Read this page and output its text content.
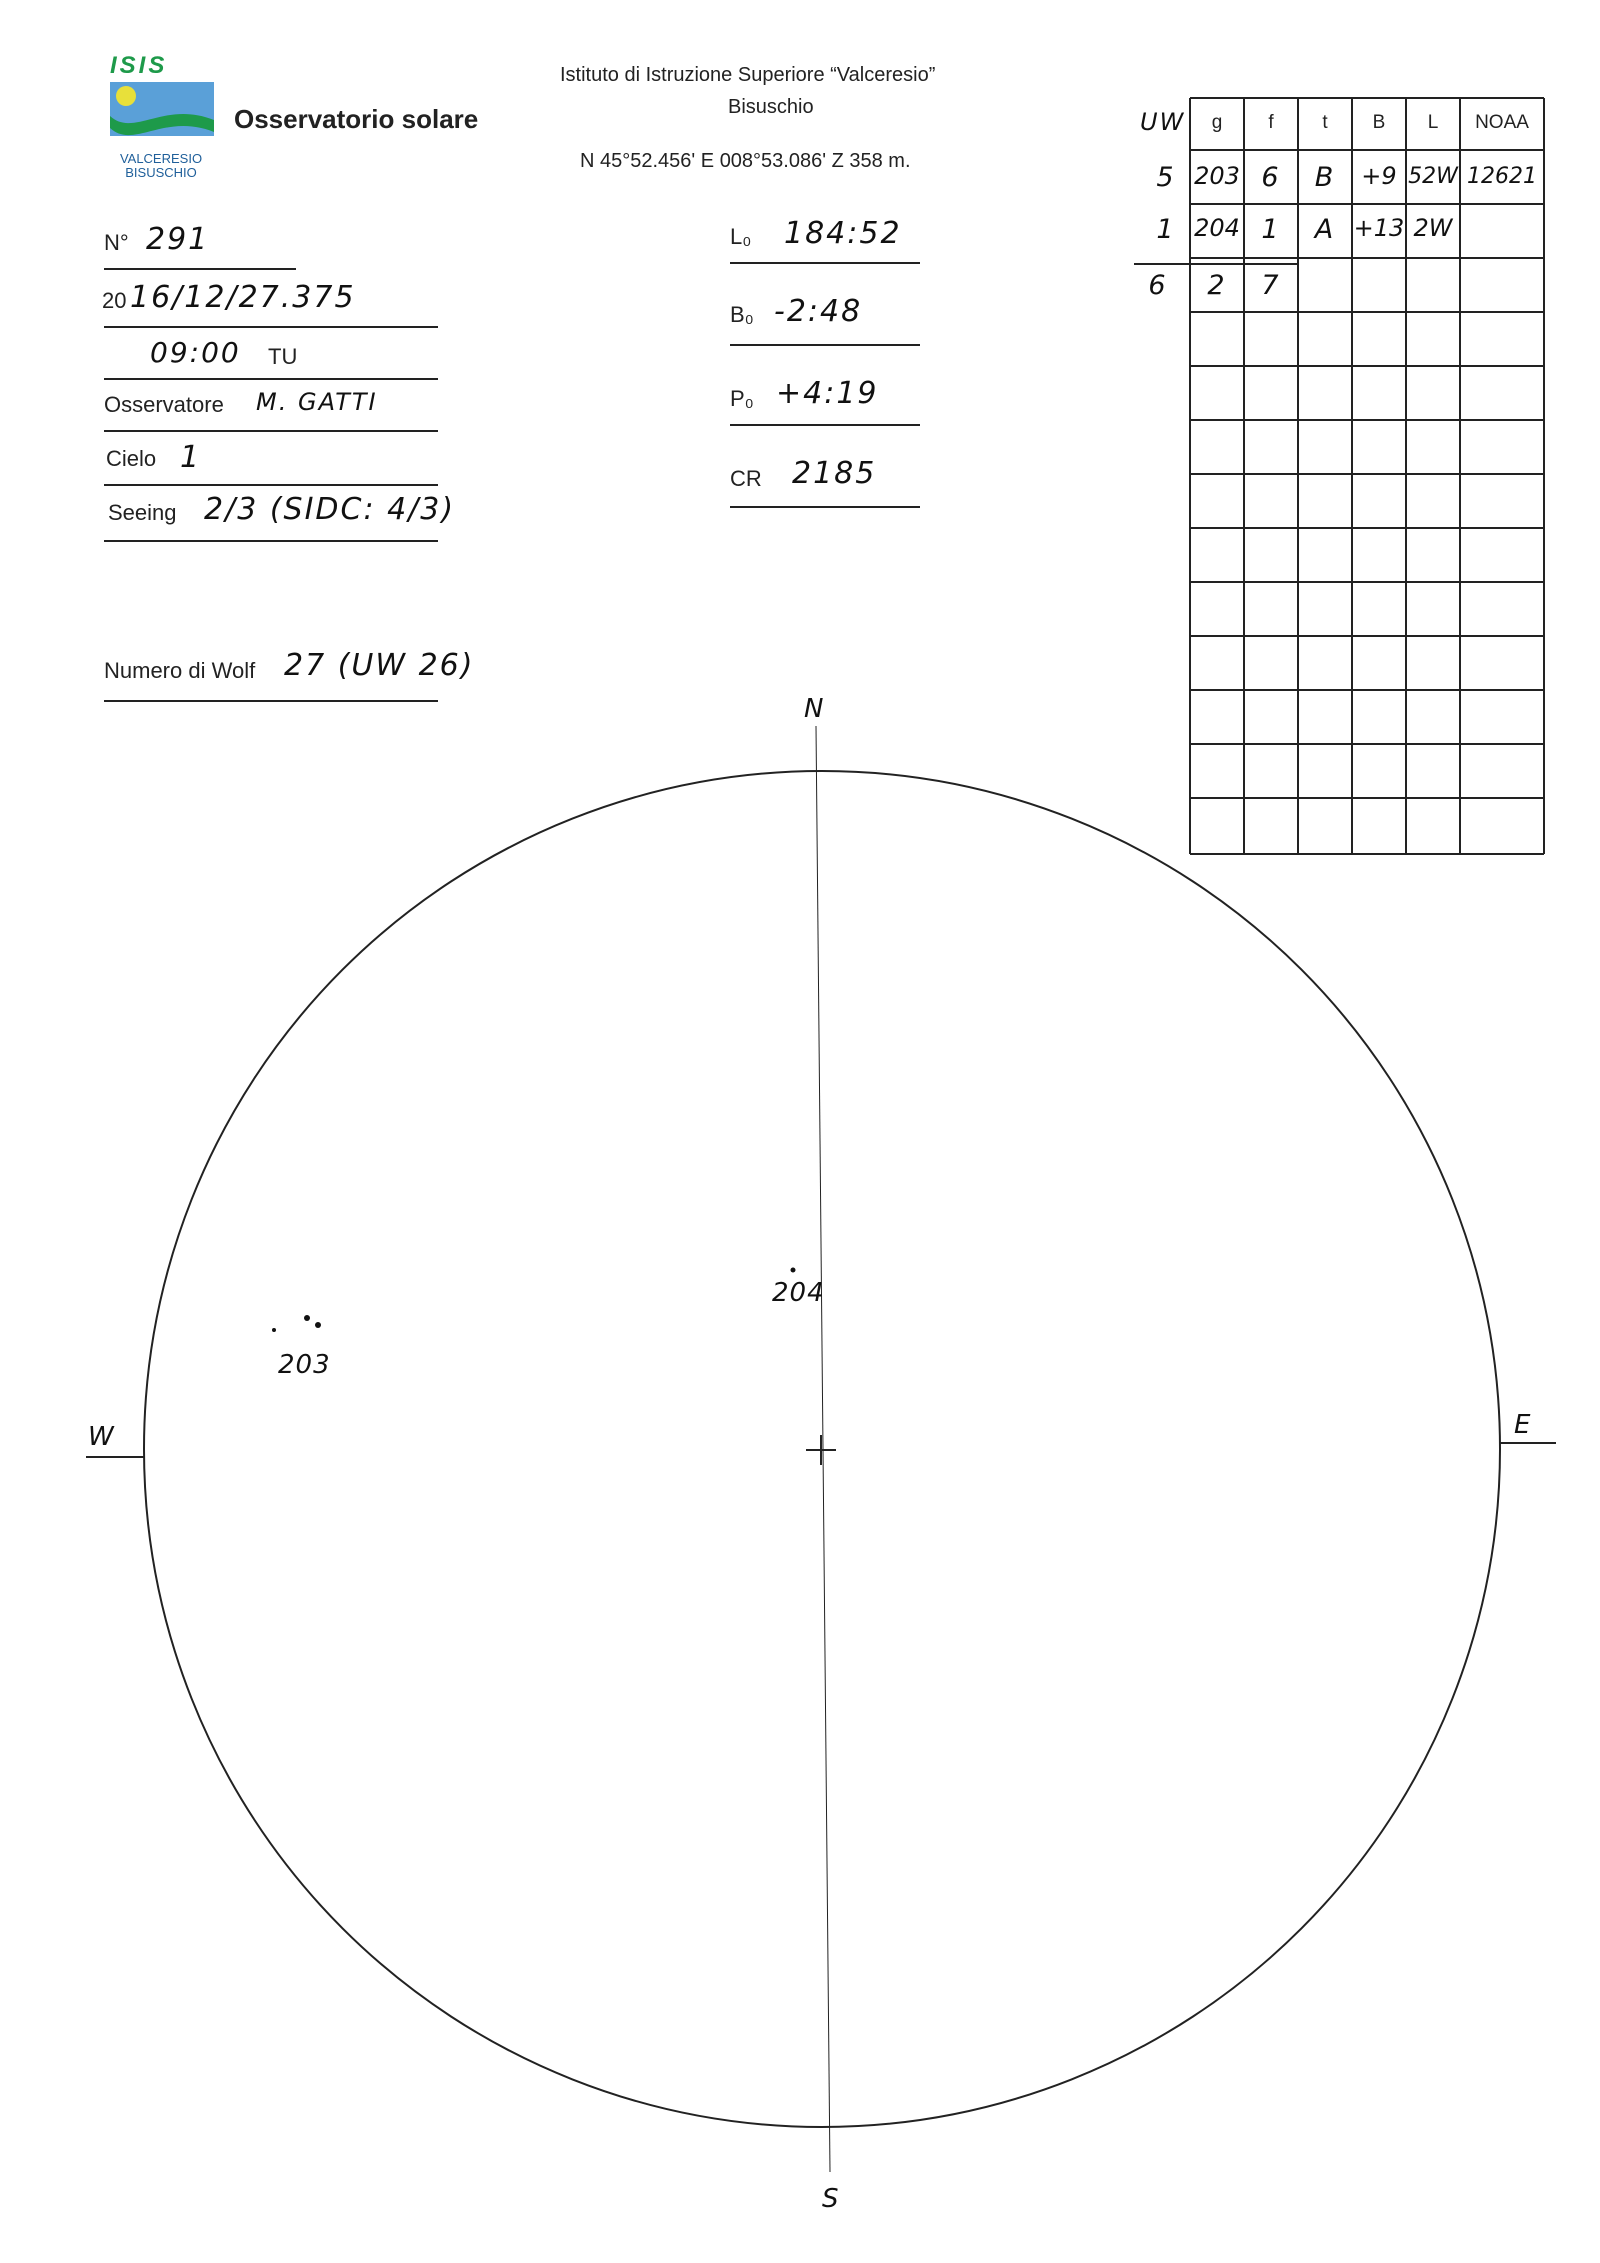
ISIS
VALCERESIO
BISUSCHIO
Osservatorio solare
Istituto di Istruzione Superiore “Valceresio”
Bisuschio
N 45°52.456' E 008°53.086' Z 358 m.
N° 291
20 16/12/27.375
09:00 TU
Osservatore M. GATTI
Cielo 1
Seeing 2/3 (SIDC: 4/3)
Numero di Wolf 27 (UW 26)
L₀ 184:52
B₀ -2:48
P₀ +4:19
CR 2185
UW	g	f	t	B	L	NOAA
5 203 6	B	+9 52W 12621
1 204 1	A +13 2W
6	2	7
N
S
E
W
203
204
